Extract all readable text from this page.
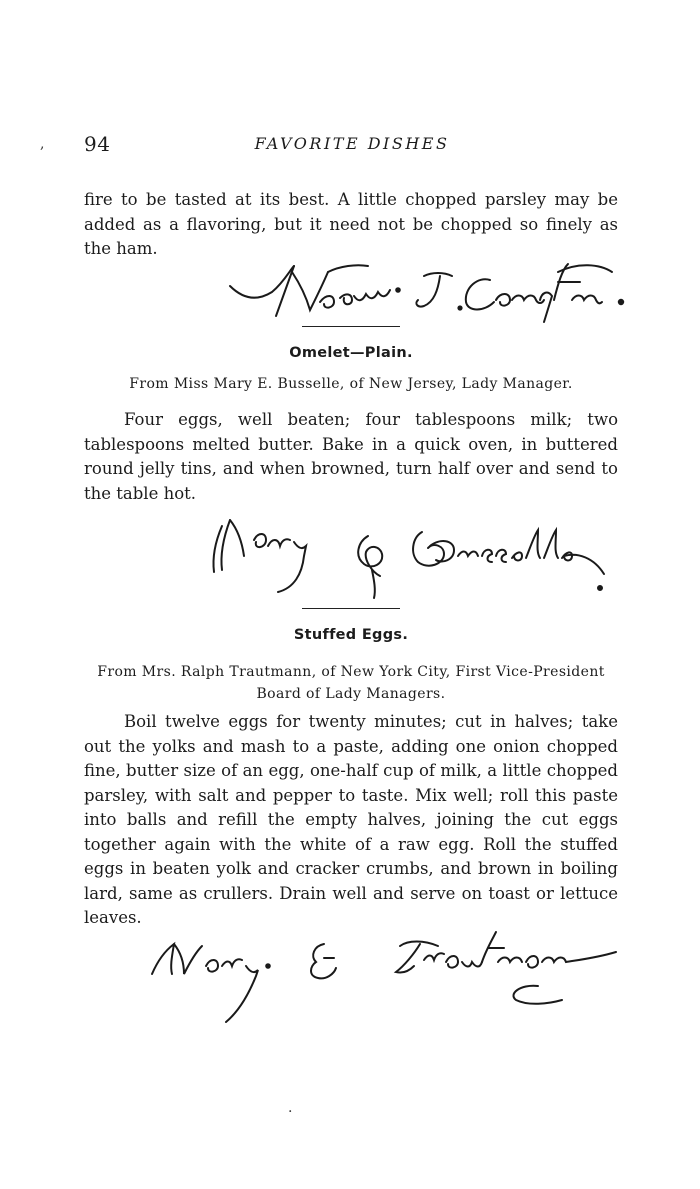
, 94	FAVORITE DISHES

fire to be tasted at its best. A little chopped parsley may be added as a flavoring, but it need not be chopped so finely as the ham.

Omelet—Plain.

From Miss Mary E. Busselle, of New Jersey, Lady Manager.

Four eggs, well beaten; four tablespoons milk; two tablespoons melted butter. Bake in a quick oven, in buttered round jelly tins, and when browned, turn half over and send to the table hot.

Stuffed Eggs.

From Mrs. Ralph Trautmann, of New York City, First Vice-President Board of Lady Managers.

Boil twelve eggs for twenty minutes; cut in halves; take out the yolks and mash to a paste, adding one onion chopped fine, butter size of an egg, one-half cup of milk, a little chopped parsley, with salt and pepper to taste. Mix well; roll this paste into balls and refill the empty halves, joining the cut eggs together again with the white of a raw egg. Roll the stuffed eggs in beaten yolk and cracker crumbs, and brown in boiling lard, same as crullers. Drain well and serve on toast or lettuce leaves.

.
